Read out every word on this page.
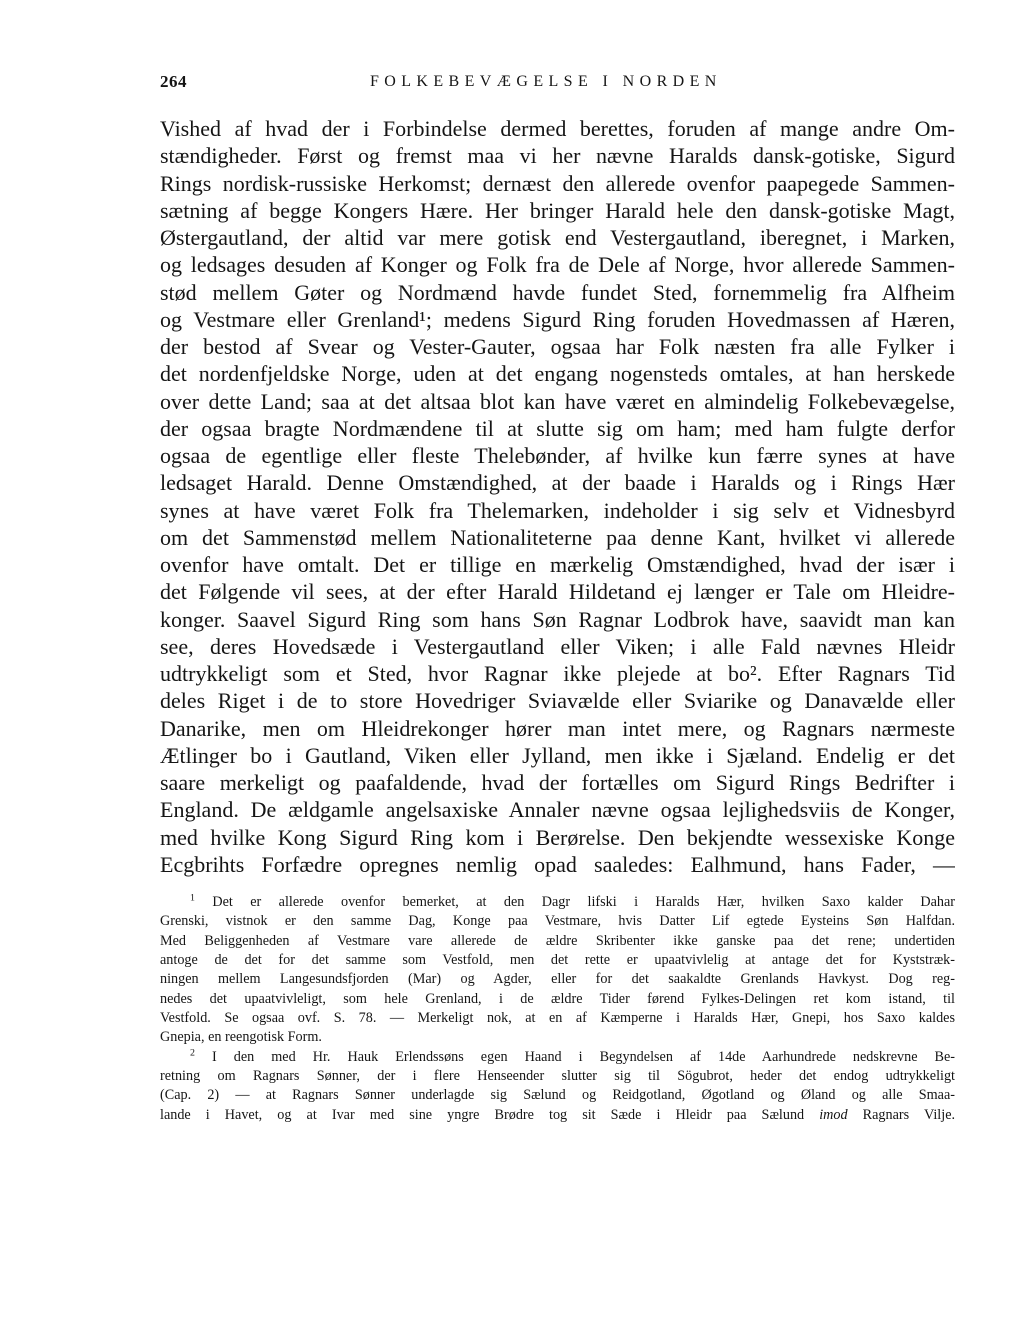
264	FOLKEBEVÆGELSE I NORDEN
Vished af hvad der i Forbindelse dermed berettes, foruden af mange andre Om-
stændigheder. Først og fremst maa vi her nævne Haralds dansk-gotiske, Sigurd
Rings nordisk-russiske Herkomst; dernæst den allerede ovenfor paapegede Sammen-
sætning af begge Kongers Hære. Her bringer Harald hele den dansk-gotiske Magt,
Østergautland, der altid var mere gotisk end Vestergautland, iberegnet, i Marken,
og ledsages desuden af Konger og Folk fra de Dele af Norge, hvor allerede Sammen-
stød mellem Gøter og Nordmænd havde fundet Sted, fornemmelig fra Alfheim
og Vestmare eller Grenland¹; medens Sigurd Ring foruden Hovedmassen af Hæren,
der bestod af Svear og Vester-Gauter, ogsaa har Folk næsten fra alle Fylker i
det nordenfjeldske Norge, uden at det engang nogensteds omtales, at han herskede
over dette Land; saa at det altsaa blot kan have været en almindelig Folkebevægelse,
der ogsaa bragte Nordmændene til at slutte sig om ham; med ham fulgte derfor
ogsaa de egentlige eller fleste Thelebønder, af hvilke kun færre synes at have
ledsaget Harald. Denne Omstændighed, at der baade i Haralds og i Rings Hær
synes at have været Folk fra Thelemarken, indeholder i sig selv et Vidnesbyrd
om det Sammenstød mellem Nationaliteterne paa denne Kant, hvilket vi allerede
ovenfor have omtalt. Det er tillige en mærkelig Omstændighed, hvad der især i
det Følgende vil sees, at der efter Harald Hildetand ej længer er Tale om Hleidre-
konger. Saavel Sigurd Ring som hans Søn Ragnar Lodbrok have, saavidt man kan
see, deres Hovedsæde i Vestergautland eller Viken; i alle Fald nævnes Hleidr
udtrykkeligt som et Sted, hvor Ragnar ikke plejede at bo². Efter Ragnars Tid
deles Riget i de to store Hovedriger Sviavælde eller Sviarike og Danavælde eller
Danarike, men om Hleidrekonger hører man intet mere, og Ragnars nærmeste
Ætlinger bo i Gautland, Viken eller Jylland, men ikke i Sjæland. Endelig er det
saare merkeligt og paafaldende, hvad der fortælles om Sigurd Rings Bedrifter i
England. De ældgamle angelsaxiske Annaler nævne ogsaa lejlighedsviis de Konger,
med hvilke Kong Sigurd Ring kom i Berørelse. Den bekjendte wessexiske Konge
Ecgbrihts Forfædre opregnes nemlig opad saaledes: Ealhmund, hans Fader, —
$^1$ Det er allerede ovenfor bemerket, at den Dagr lifski i Haralds Hær, hvilken Saxo kalder Dahar
Grenski, vistnok er den samme Dag, Konge paa Vestmare, hvis Datter Lif egtede Eysteins Søn Halfdan.
Med Beliggenheden af Vestmare vare allerede de ældre Skribenter ikke ganske paa det rene; undertiden
antoge de det for det samme som Vestfold, men det rette er upaatvivlelig at antage det for Kyststræk-
ningen mellem Langesundsfjorden (Mar) og Agder, eller for det saakaldte Grenlands Havkyst. Dog reg-
nedes det upaatvivleligt, som hele Grenland, i de ældre Tider førend Fylkes-Delingen ret kom istand, til
Vestfold. Se ogsaa ovf. S. 78. — Merkeligt nok, at en af Kæmperne i Haralds Hær, Gnepi, hos Saxo kaldes
Gnepia, en reengotisk Form.
$^2$ I den med Hr. Hauk Erlendssøns egen Haand i Begyndelsen af 14de Aarhundrede nedskrevne Be-
retning om Ragnars Sønner, der i flere Henseender slutter sig til Sögubrot, heder det endog udtrykkeligt
(Cap. 2) — at Ragnars Sønner underlagde sig Sælund og Reidgotland, Øgotland og Øland og alle Smaa-
lande i Havet, og at Ivar med sine yngre Brødre tog sit Sæde i Hleidr paa Sælund imod Ragnars Vilje.
